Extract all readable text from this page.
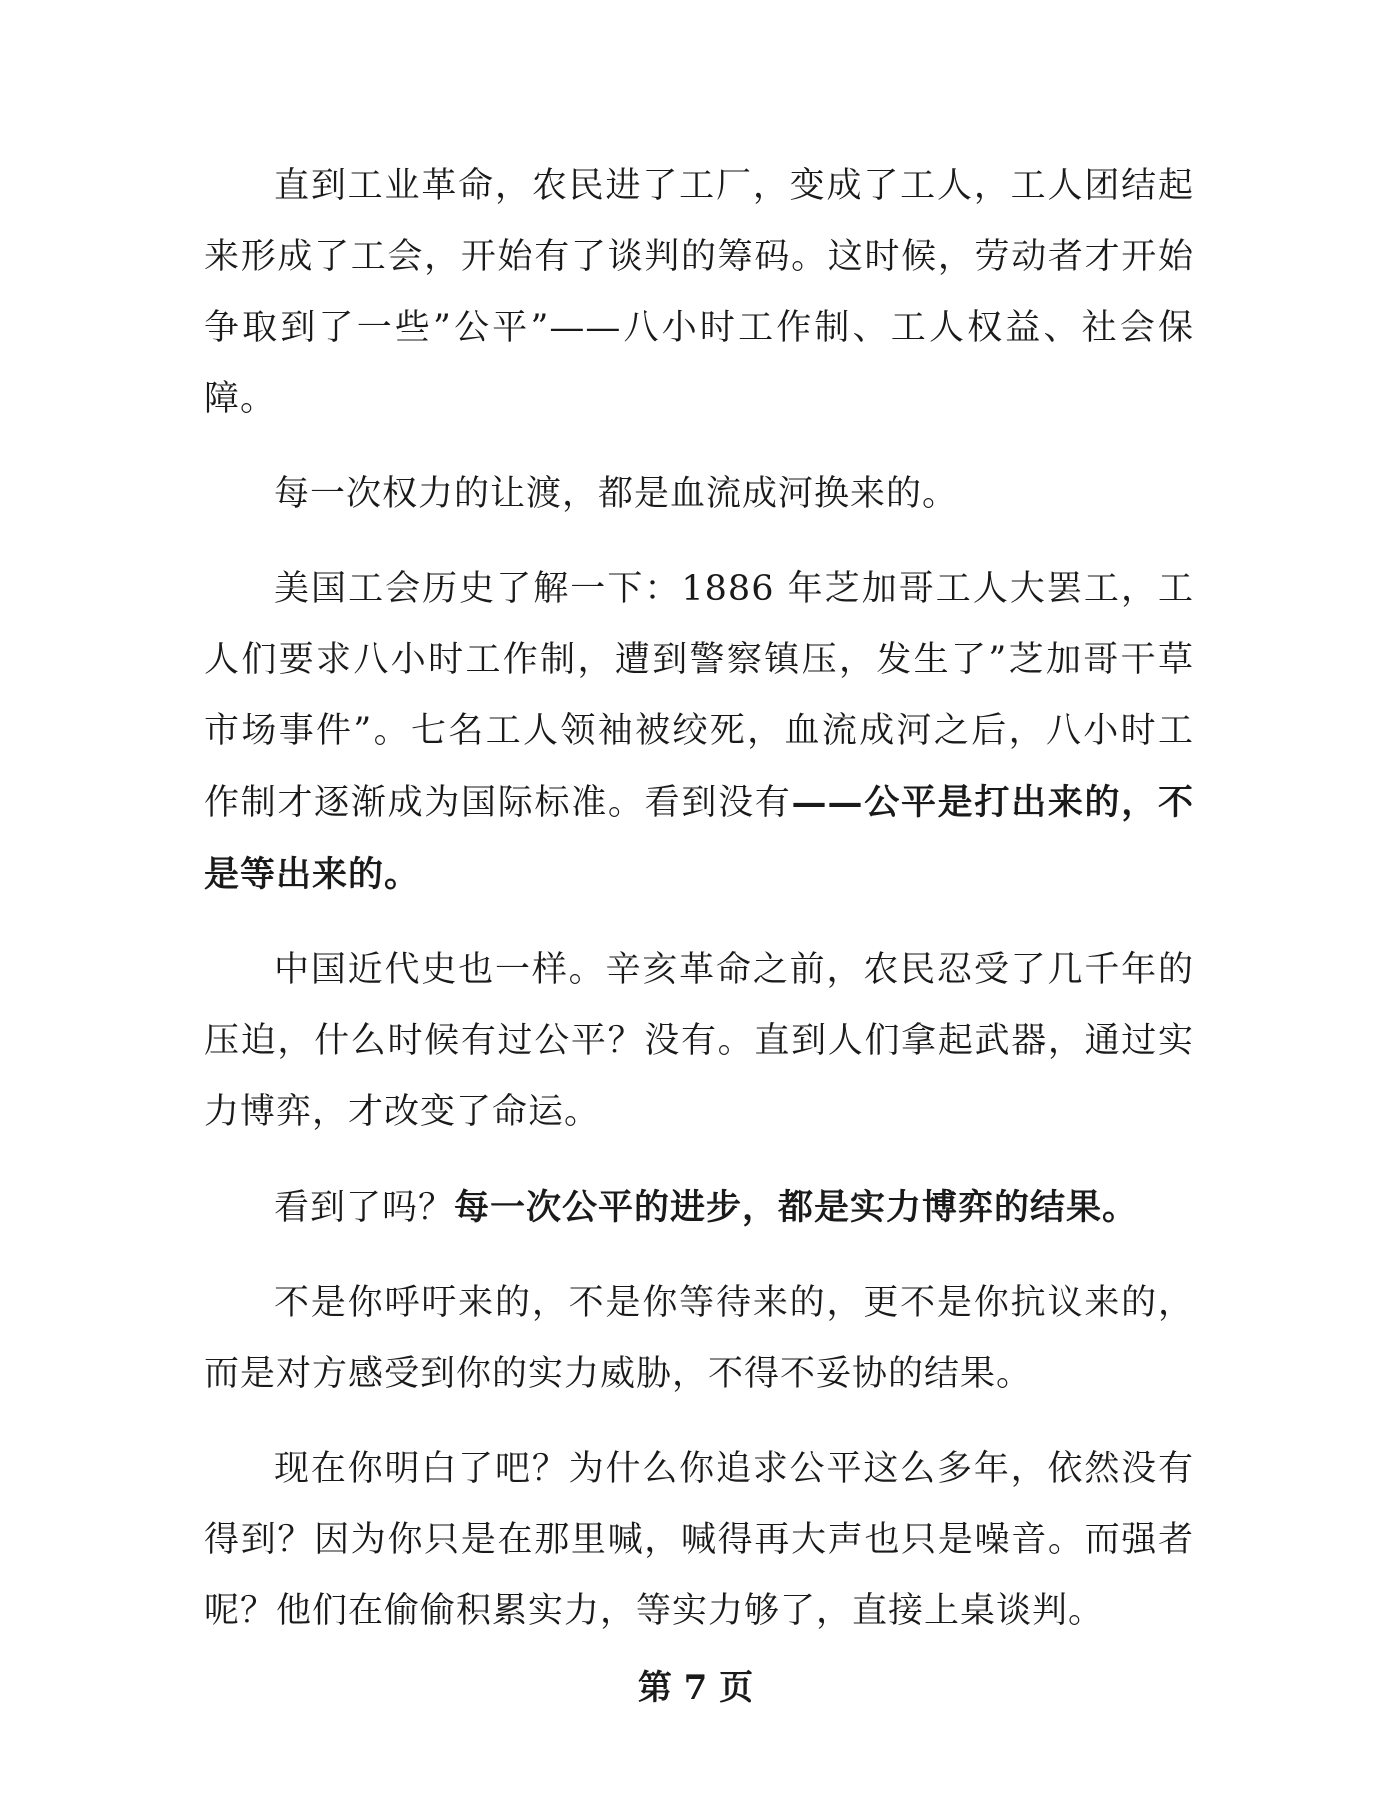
直到工业革命，农民进了工厂，变成了工人，工人团结起来形成了工会，开始有了谈判的筹码。这时候，劳动者才开始争取到了一些”公平”——八小时工作制、工人权益、社会保障。

每一次权力的让渡，都是血流成河换来的。

美国工会历史了解一下：1886 年芝加哥工人大罢工，工人们要求八小时工作制，遭到警察镇压，发生了”芝加哥干草市场事件”。七名工人领袖被绞死，血流成河之后，八小时工作制才逐渐成为国际标准。看到没有——公平是打出来的，不是等出来的。

中国近代史也一样。辛亥革命之前，农民忍受了几千年的压迫，什么时候有过公平？没有。直到人们拿起武器，通过实力博弈，才改变了命运。

看到了吗？每一次公平的进步，都是实力博弈的结果。

不是你呼吁来的，不是你等待来的，更不是你抗议来的，而是对方感受到你的实力威胁，不得不妥协的结果。

现在你明白了吧？为什么你追求公平这么多年，依然没有得到？因为你只是在那里喊，喊得再大声也只是噪音。而强者呢？他们在偷偷积累实力，等实力够了，直接上桌谈判。

第 7 页
